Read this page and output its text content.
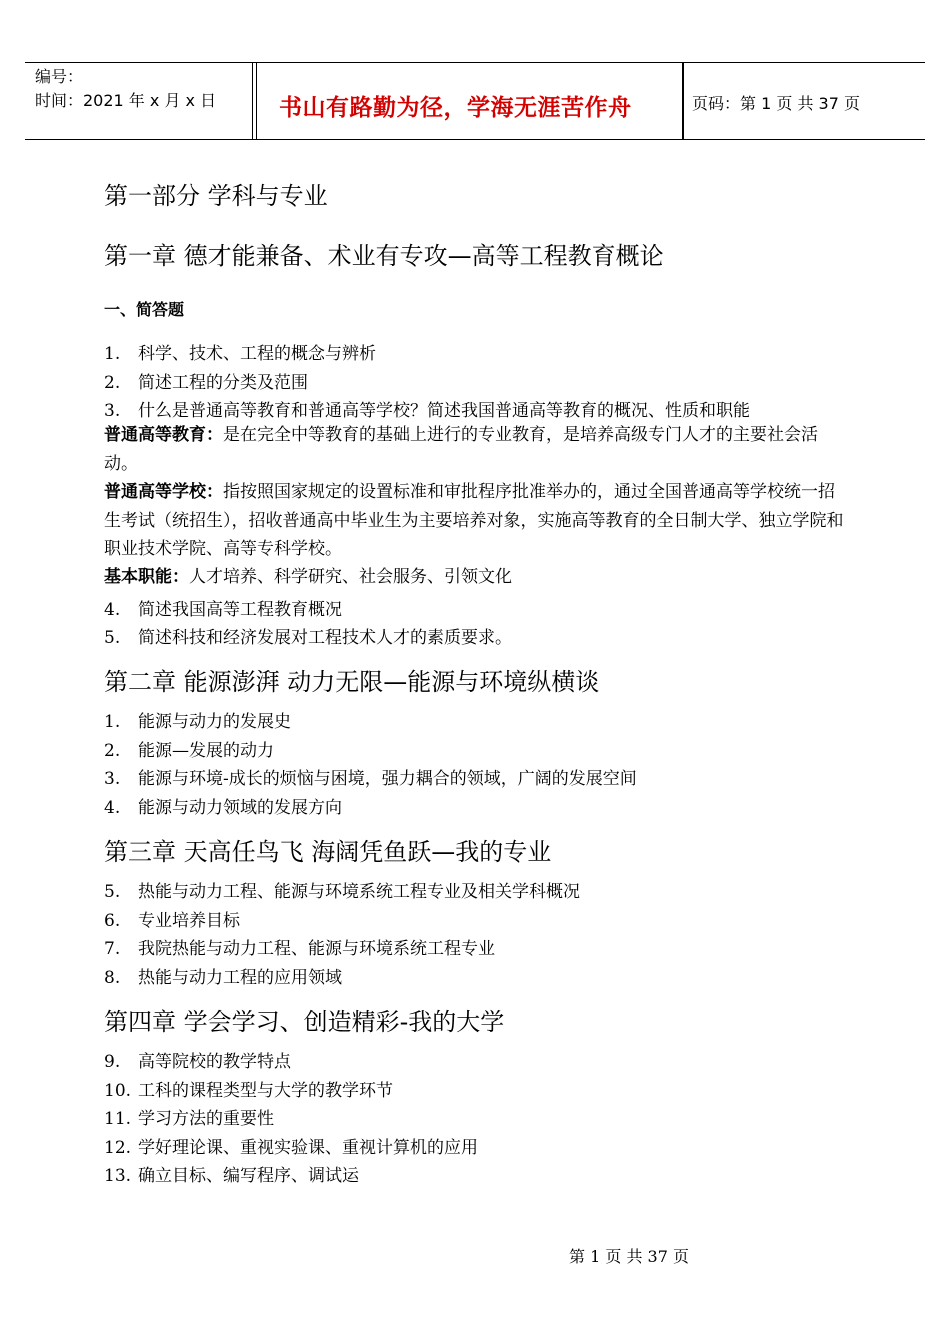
编号：
时间：2021 年 x 月 x 日	书山有路勤为径，学海无涯苦作舟	页码：第 1 页 共 37 页
第一部分 学科与专业
第一章 德才能兼备、术业有专攻—高等工程教育概论
一、简答题
1. 科学、技术、工程的概念与辨析
2. 简述工程的分类及范围
3. 什么是普通高等教育和普通高等学校？简述我国普通高等教育的概况、性质和职能
普通高等教育：是在完全中等教育的基础上进行的专业教育，是培养高级专门人才的主要社会活动。
普通高等学校：指按照国家规定的设置标准和审批程序批准举办的，通过全国普通高等学校统一招生考试（统招生），招收普通高中毕业生为主要培养对象，实施高等教育的全日制大学、独立学院和职业技术学院、高等专科学校。
基本职能：人才培养、科学研究、社会服务、引领文化
4. 简述我国高等工程教育概况
5. 简述科技和经济发展对工程技术人才的素质要求。
第二章 能源澎湃 动力无限—能源与环境纵横谈
1. 能源与动力的发展史
2. 能源—发展的动力
3. 能源与环境-成长的烦恼与困境，强力耦合的领域，广阔的发展空间
4. 能源与动力领域的发展方向
第三章 天高任鸟飞 海阔凭鱼跃—我的专业
5. 热能与动力工程、能源与环境系统工程专业及相关学科概况
6. 专业培养目标
7. 我院热能与动力工程、能源与环境系统工程专业
8. 热能与动力工程的应用领域
第四章 学会学习、创造精彩-我的大学
9. 高等院校的教学特点
10. 工科的课程类型与大学的教学环节
11. 学习方法的重要性
12. 学好理论课、重视实验课、重视计算机的应用
13. 确立目标、编写程序、调试运
第 1 页 共 37 页
